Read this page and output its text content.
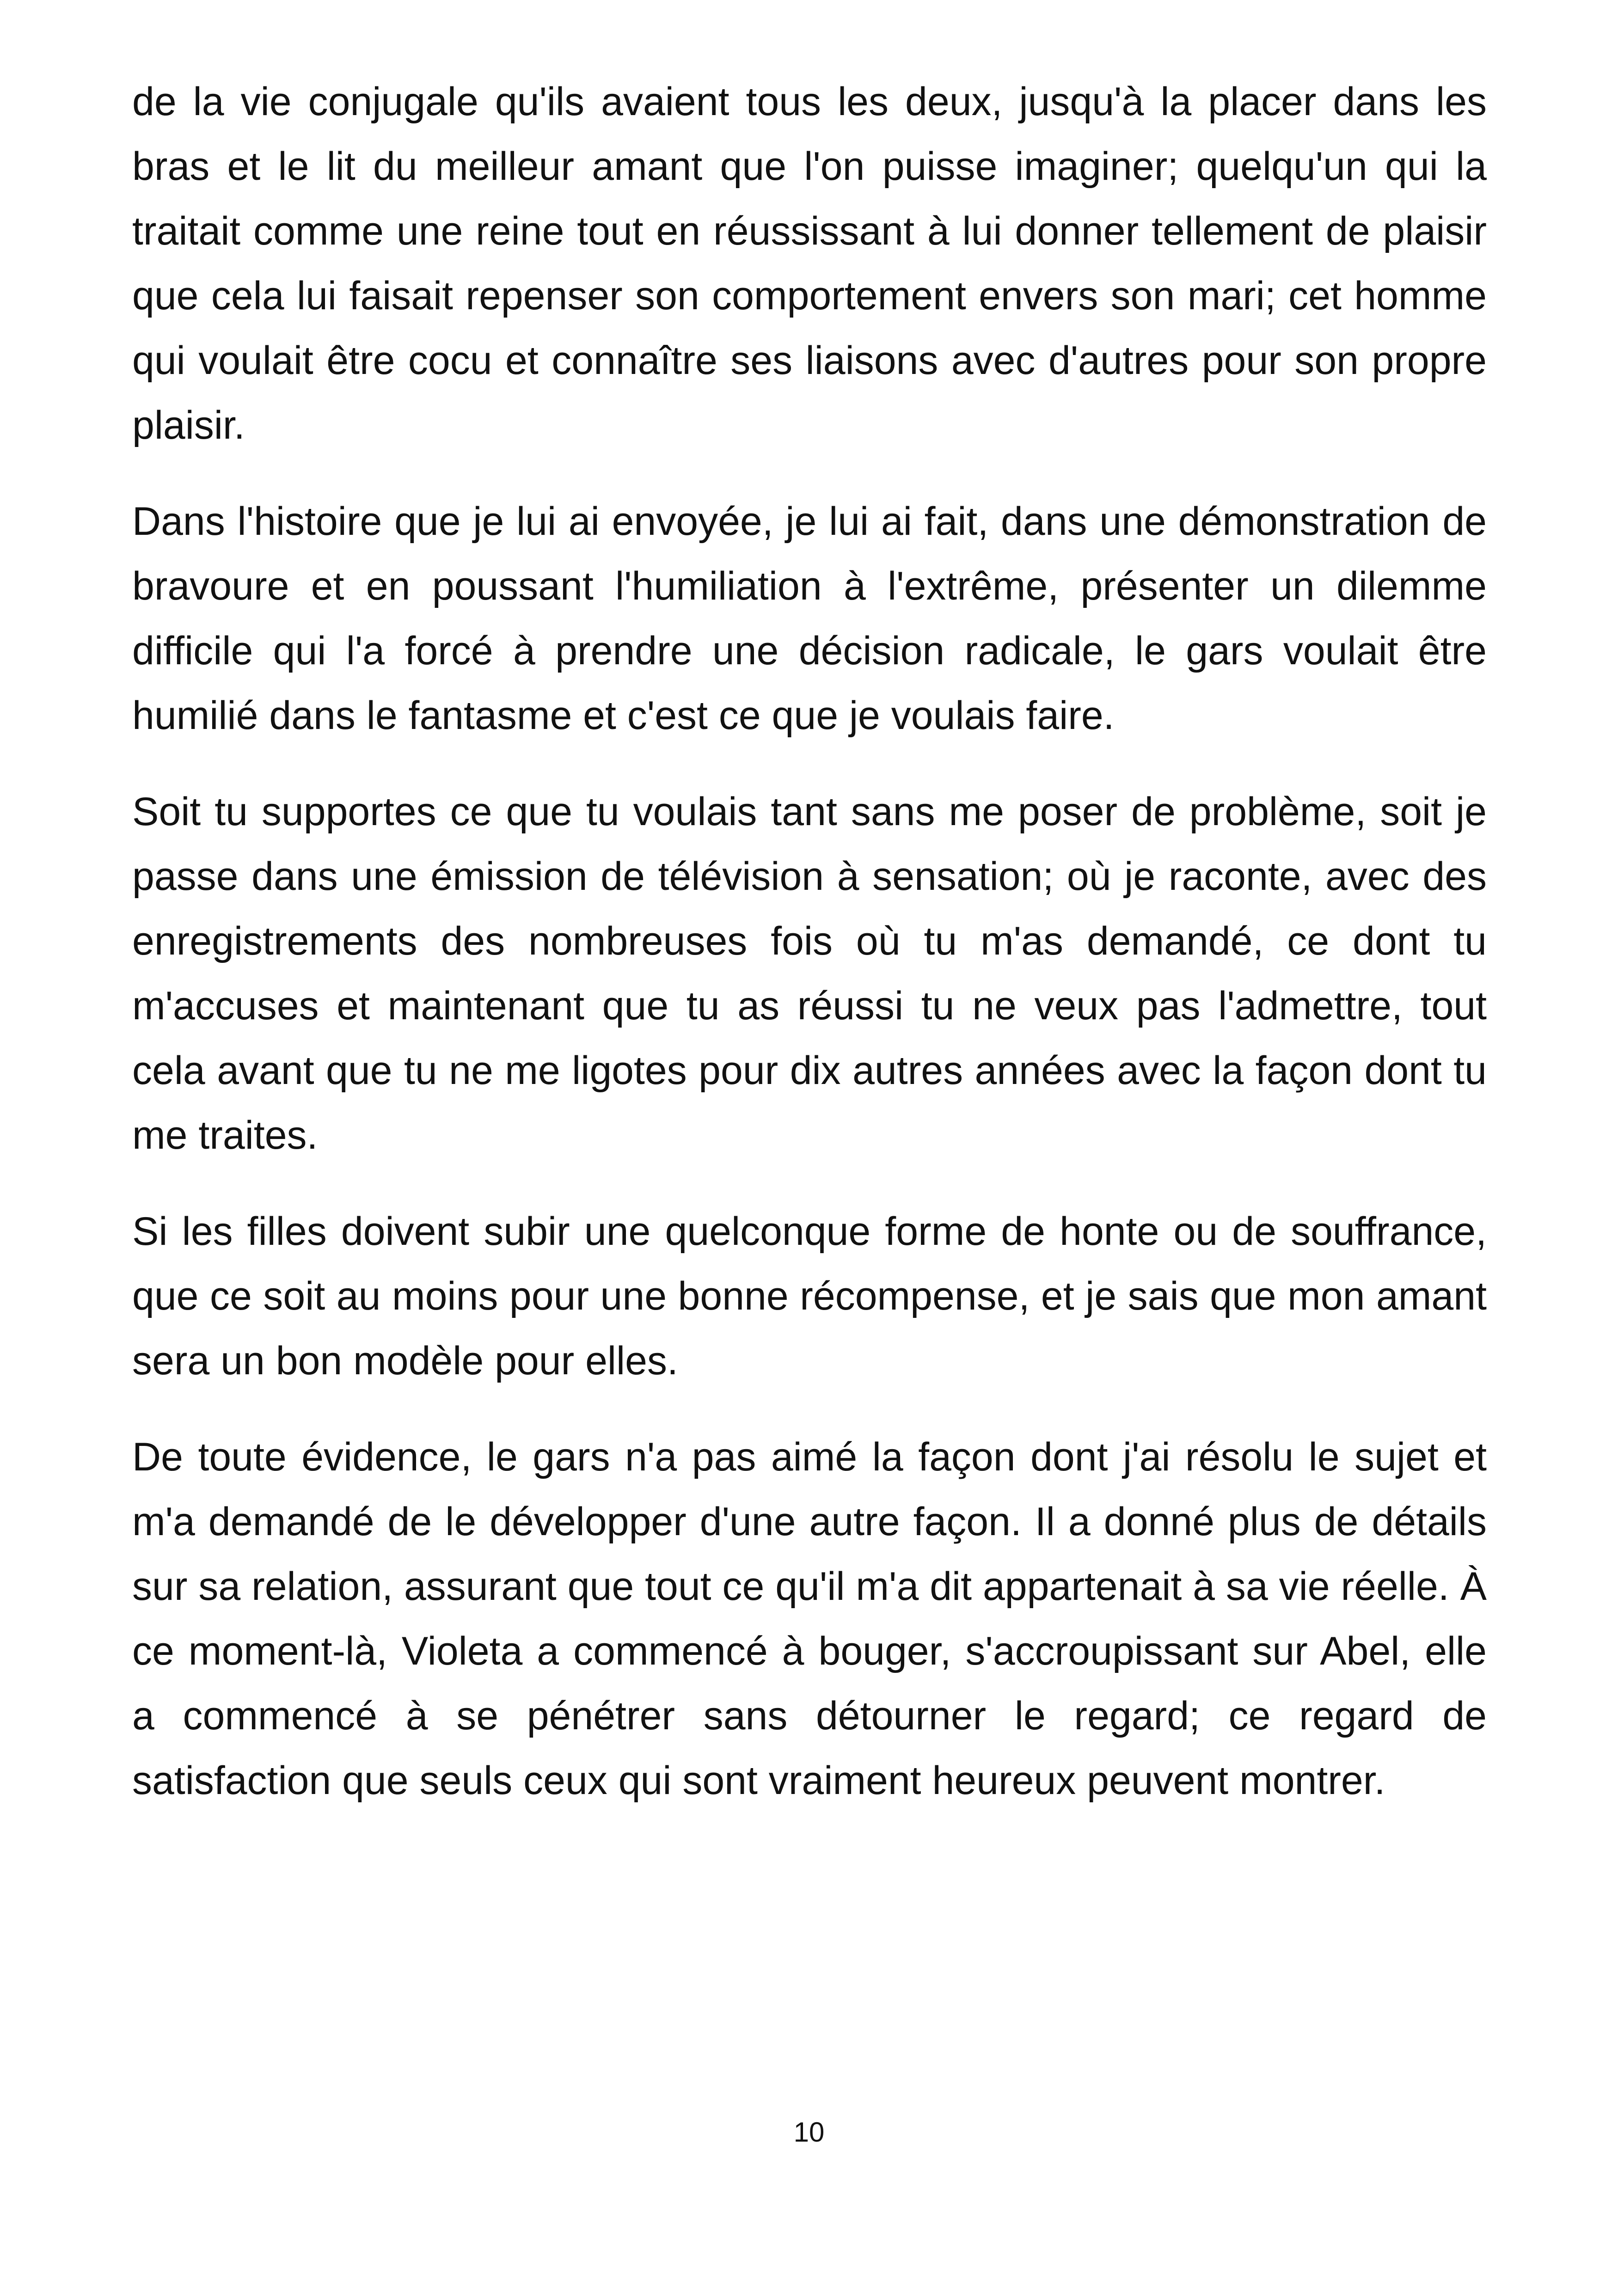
de la vie conjugale qu'ils avaient tous les deux, jusqu'à la placer dans les bras et le lit du meilleur amant que l'on puisse imaginer; quelqu'un qui la traitait comme une reine tout en réussissant à lui donner tellement de plaisir que cela lui faisait repenser son comportement envers son mari; cet homme qui voulait être cocu et connaître ses liaisons avec d'autres pour son propre plaisir.

Dans l'histoire que je lui ai envoyée, je lui ai fait, dans une démonstration de bravoure et en poussant l'humiliation à l'extrême, présenter un dilemme difficile qui l'a forcé à prendre une décision radicale, le gars voulait être humilié dans le fantasme et c'est ce que je voulais faire.

Soit tu supportes ce que tu voulais tant sans me poser de problème, soit je passe dans une émission de télévision à sensation; où je raconte, avec des enregistrements des nombreuses fois où tu m'as demandé, ce dont tu m'accuses et maintenant que tu as réussi tu ne veux pas l'admettre, tout cela avant que tu ne me ligotes pour dix autres années avec la façon dont tu me traites.

Si les filles doivent subir une quelconque forme de honte ou de souffrance, que ce soit au moins pour une bonne récompense, et je sais que mon amant sera un bon modèle pour elles.

De toute évidence, le gars n'a pas aimé la façon dont j'ai résolu le sujet et m'a demandé de le développer d'une autre façon. Il a donné plus de détails sur sa relation, assurant que tout ce qu'il m'a dit appartenait à sa vie réelle. À ce moment-là, Violeta a commencé à bouger, s'accroupissant sur Abel, elle a commencé à se pénétrer sans détourner le regard; ce regard de satisfaction que seuls ceux qui sont vraiment heureux peuvent montrer.

10
